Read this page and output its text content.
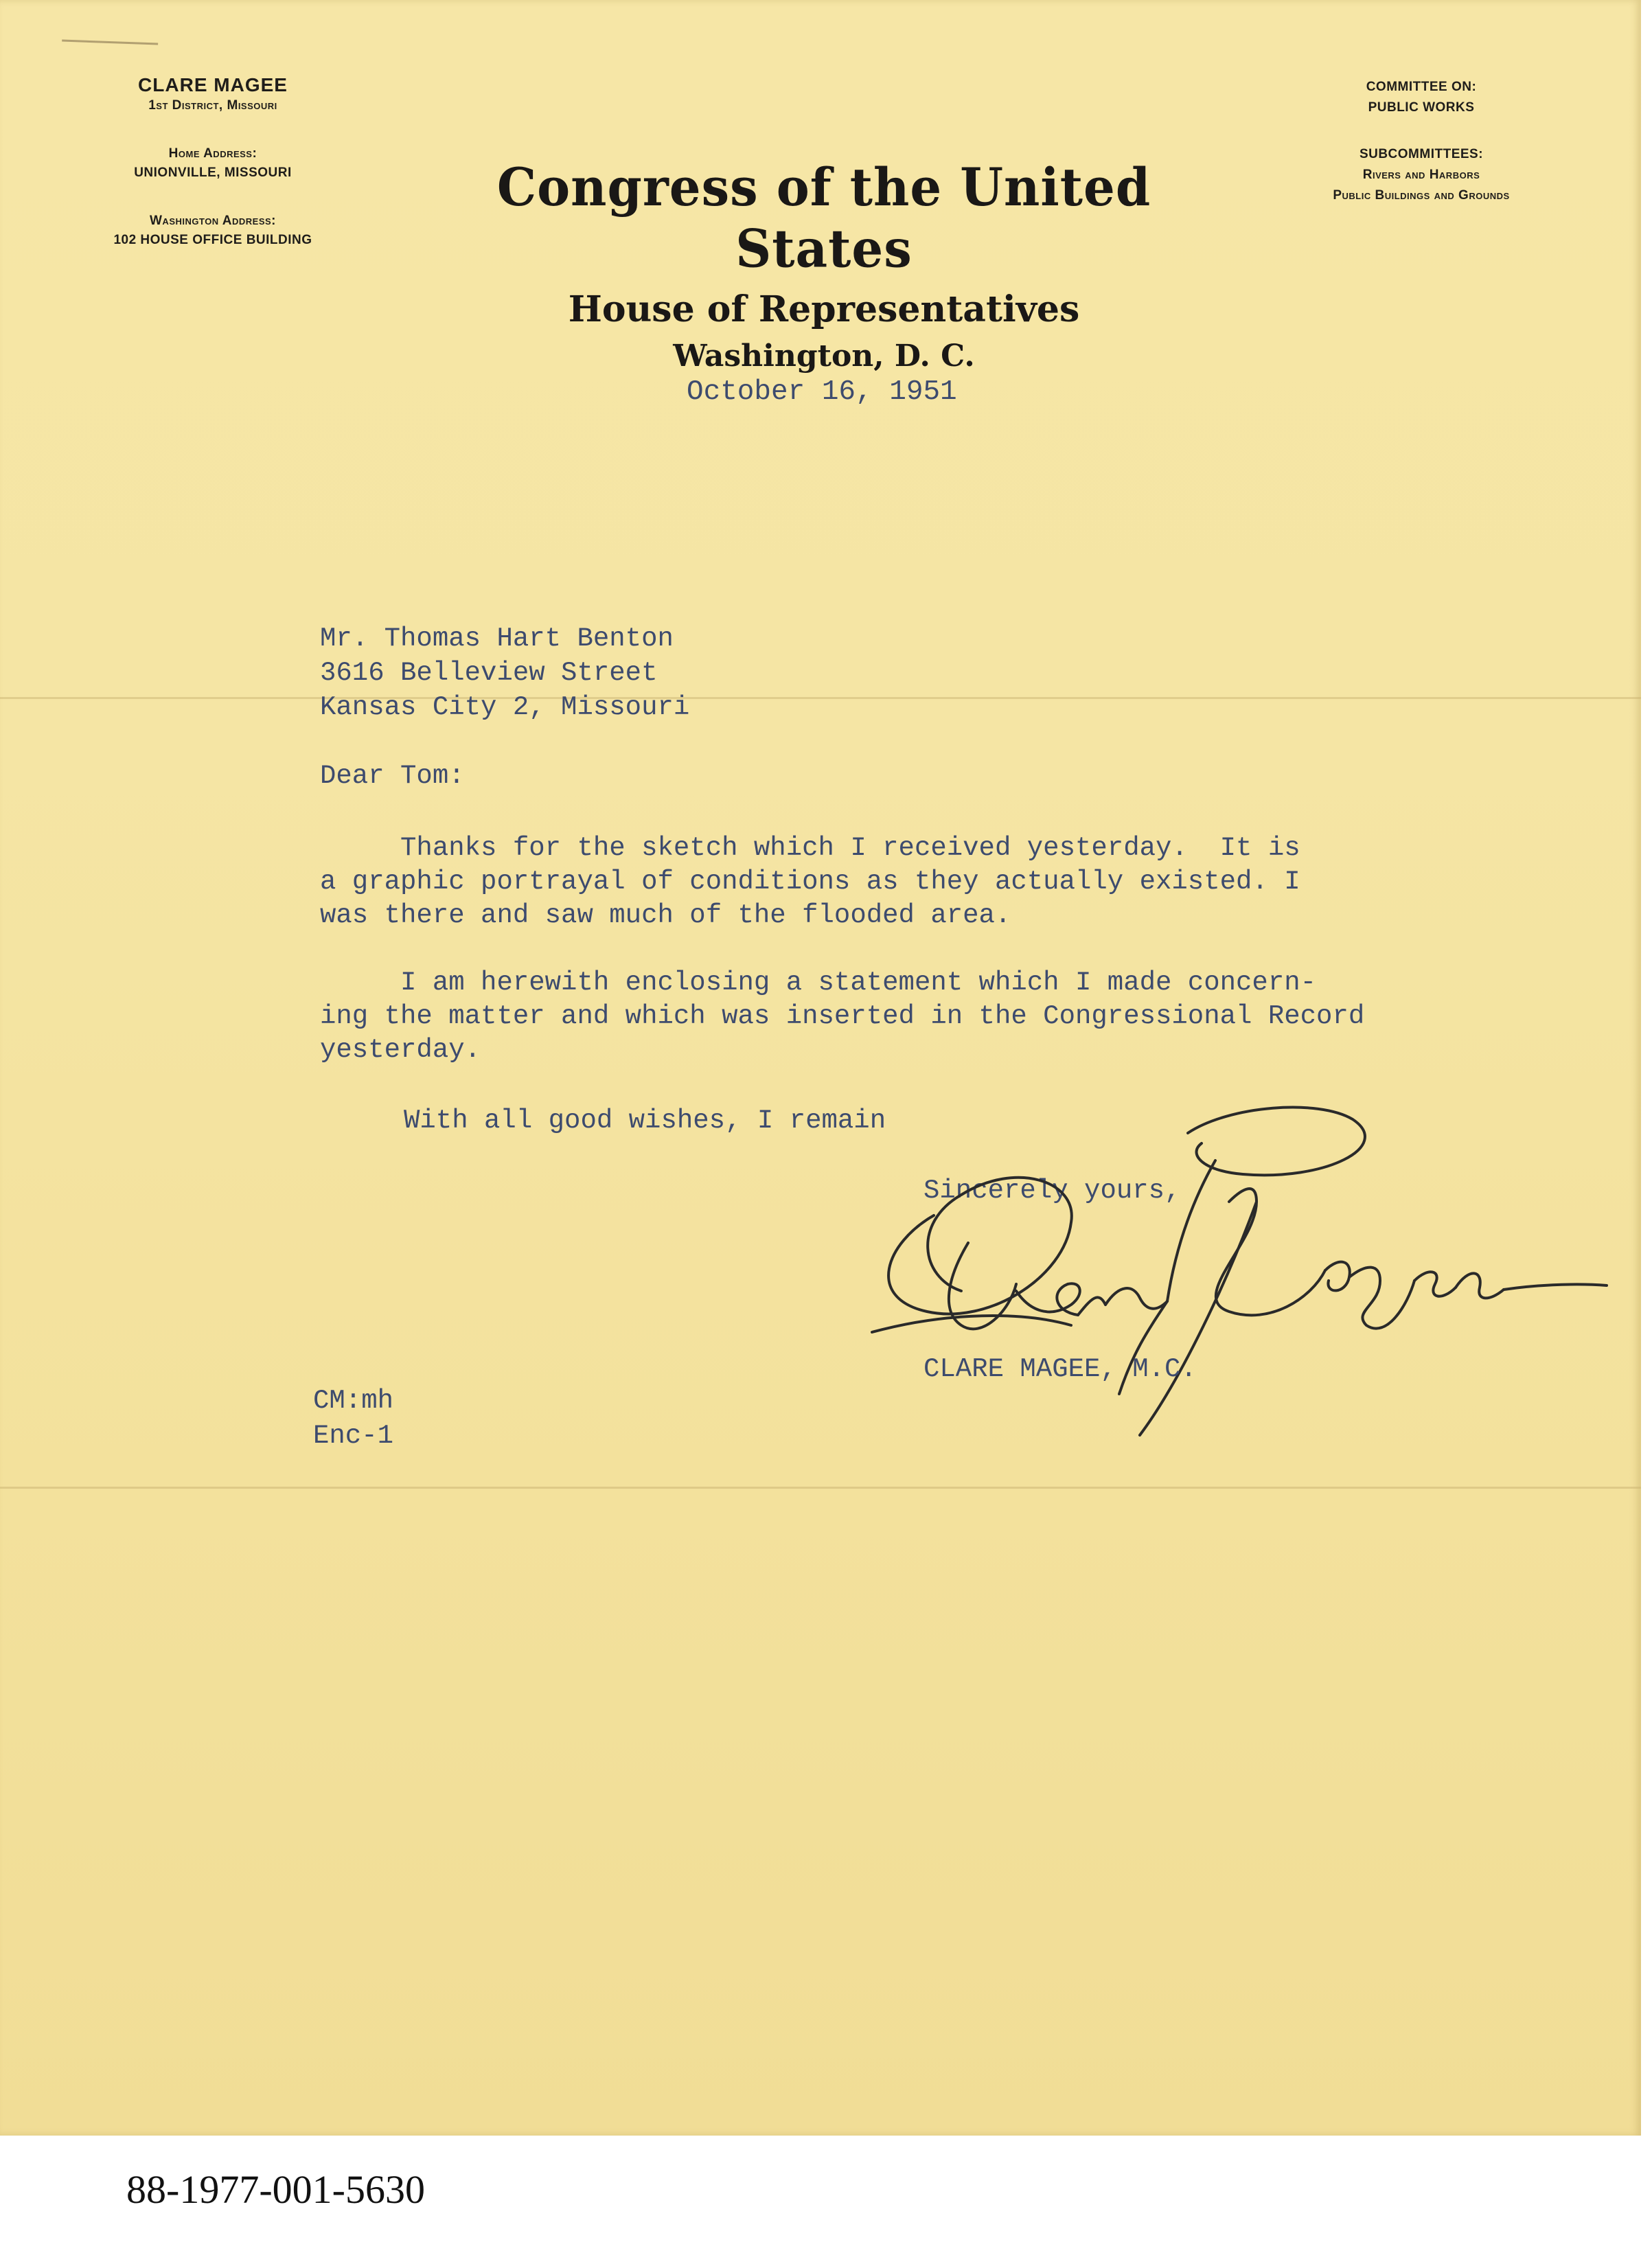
CLARE MAGEE
1st District, Missouri
Home Address:
UNIONVILLE, MISSOURI
Washington Address:
102 HOUSE OFFICE BUILDING
Congress of the United States
House of Representatives
Washington, D. C.
COMMITTEE ON:
PUBLIC WORKS
SUBCOMMITTEES:
Rivers and Harbors
Public Buildings and Grounds
October 16, 1951
Mr. Thomas Hart Benton
3616 Belleview Street
Kansas City 2, Missouri
Dear Tom:
Thanks for the sketch which I received yesterday.  It is
a graphic portrayal of conditions as they actually existed. I
was there and saw much of the flooded area.

I am herewith enclosing a statement which I made concern-
ing the matter and which was inserted in the Congressional Record
yesterday.
With all good wishes, I remain
Sincerely yours,
CLARE MAGEE, M.C.
CM:mh
Enc-1
88-1977-001-5630
